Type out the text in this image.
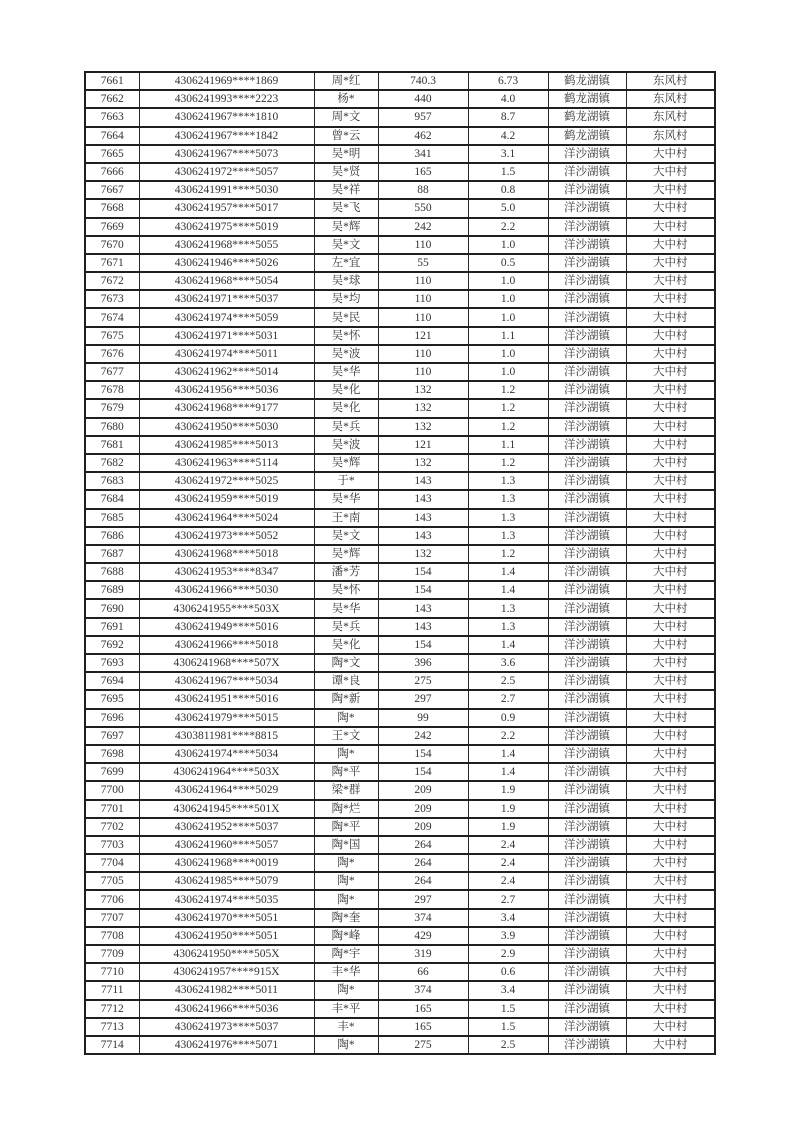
7661	4306241969****1869	周*红	740.3	6.73	鹤龙湖镇	东风村
7662	4306241993****2223	杨*	440	4.0	鹤龙湖镇	东风村
7663	4306241967****1810	周*文	957	8.7	鹤龙湖镇	东风村
7664	4306241967****1842	曾*云	462	4.2	鹤龙湖镇	东风村
7665	4306241967****5073	吴*明	341	3.1	洋沙湖镇	大中村
7666	4306241972****5057	吴*贤	165	1.5	洋沙湖镇	大中村
7667	4306241991****5030	吴*祥	88	0.8	洋沙湖镇	大中村
7668	4306241957****5017	吴*飞	550	5.0	洋沙湖镇	大中村
7669	4306241975****5019	吴*辉	242	2.2	洋沙湖镇	大中村
7670	4306241968****5055	吴*文	110	1.0	洋沙湖镇	大中村
7671	4306241946****5026	左*宜	55	0.5	洋沙湖镇	大中村
7672	4306241968****5054	吴*球	110	1.0	洋沙湖镇	大中村
7673	4306241971****5037	吴*均	110	1.0	洋沙湖镇	大中村
7674	4306241974****5059	吴*民	110	1.0	洋沙湖镇	大中村
7675	4306241971****5031	吴*怀	121	1.1	洋沙湖镇	大中村
7676	4306241974****5011	吴*波	110	1.0	洋沙湖镇	大中村
7677	4306241962****5014	吴*华	110	1.0	洋沙湖镇	大中村
7678	4306241956****5036	吴*化	132	1.2	洋沙湖镇	大中村
7679	4306241968****9177	吴*化	132	1.2	洋沙湖镇	大中村
7680	4306241950****5030	吴*兵	132	1.2	洋沙湖镇	大中村
7681	4306241985****5013	吴*波	121	1.1	洋沙湖镇	大中村
7682	4306241963****5114	吴*辉	132	1.2	洋沙湖镇	大中村
7683	4306241972****5025	于*	143	1.3	洋沙湖镇	大中村
7684	4306241959****5019	吴*华	143	1.3	洋沙湖镇	大中村
7685	4306241964****5024	王*南	143	1.3	洋沙湖镇	大中村
7686	4306241973****5052	吴*文	143	1.3	洋沙湖镇	大中村
7687	4306241968****5018	吴*辉	132	1.2	洋沙湖镇	大中村
7688	4306241953****8347	潘*芳	154	1.4	洋沙湖镇	大中村
7689	4306241966****5030	吴*怀	154	1.4	洋沙湖镇	大中村
7690	4306241955****503X	吴*华	143	1.3	洋沙湖镇	大中村
7691	4306241949****5016	吴*兵	143	1.3	洋沙湖镇	大中村
7692	4306241966****5018	吴*化	154	1.4	洋沙湖镇	大中村
7693	4306241968****507X	陶*文	396	3.6	洋沙湖镇	大中村
7694	4306241967****5034	谭*良	275	2.5	洋沙湖镇	大中村
7695	4306241951****5016	陶*新	297	2.7	洋沙湖镇	大中村
7696	4306241979****5015	陶*	99	0.9	洋沙湖镇	大中村
7697	4303811981****8815	王*文	242	2.2	洋沙湖镇	大中村
7698	4306241974****5034	陶*	154	1.4	洋沙湖镇	大中村
7699	4306241964****503X	陶*平	154	1.4	洋沙湖镇	大中村
7700	4306241964****5029	梁*群	209	1.9	洋沙湖镇	大中村
7701	4306241945****501X	陶*烂	209	1.9	洋沙湖镇	大中村
7702	4306241952****5037	陶*平	209	1.9	洋沙湖镇	大中村
7703	4306241960****5057	陶*国	264	2.4	洋沙湖镇	大中村
7704	4306241968****0019	陶*	264	2.4	洋沙湖镇	大中村
7705	4306241985****5079	陶*	264	2.4	洋沙湖镇	大中村
7706	4306241974****5035	陶*	297	2.7	洋沙湖镇	大中村
7707	4306241970****5051	陶*奎	374	3.4	洋沙湖镇	大中村
7708	4306241950****5051	陶*峰	429	3.9	洋沙湖镇	大中村
7709	4306241950****505X	陶*宇	319	2.9	洋沙湖镇	大中村
7710	4306241957****915X	丰*华	66	0.6	洋沙湖镇	大中村
7711	4306241982****5011	陶*	374	3.4	洋沙湖镇	大中村
7712	4306241966****5036	丰*平	165	1.5	洋沙湖镇	大中村
7713	4306241973****5037	丰*	165	1.5	洋沙湖镇	大中村
7714	4306241976****5071	陶*	275	2.5	洋沙湖镇	大中村
